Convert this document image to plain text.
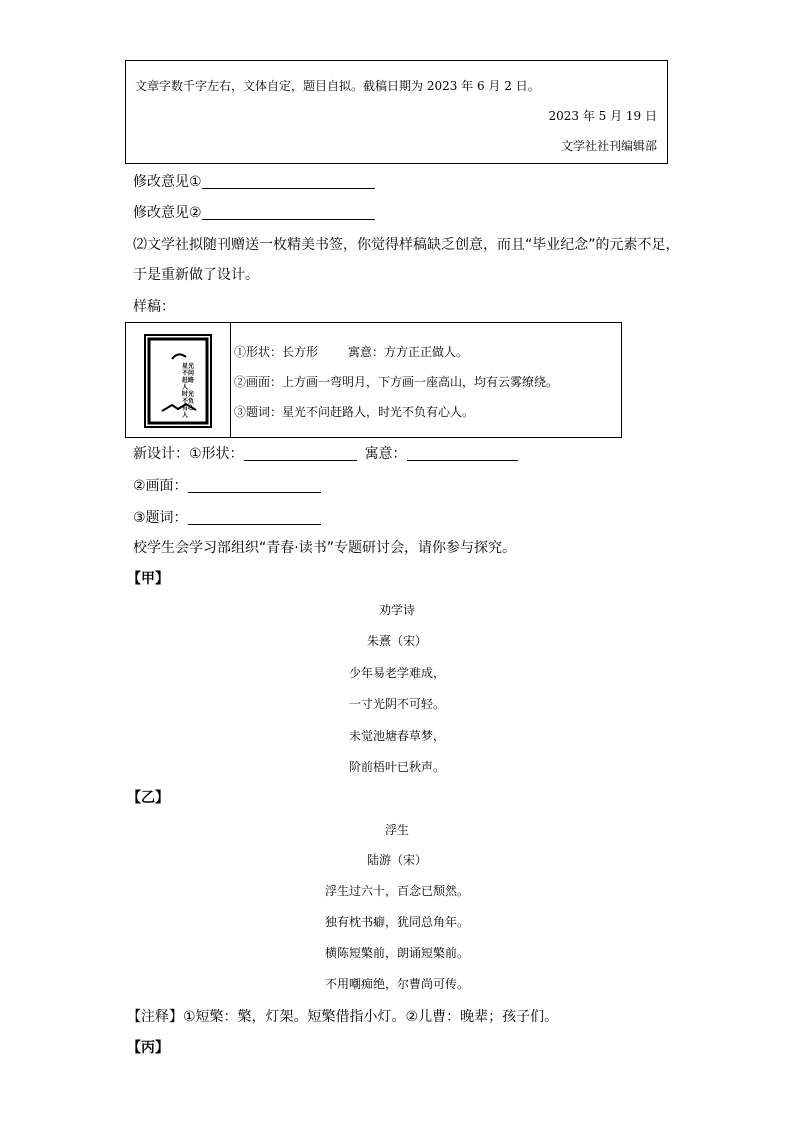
文章字数千字左右，文体自定，题目自拟。截稿日期为 2023 年 6 月 2 日。
2023 年 5 月 19 日
文学社社刊编辑部
修改意见①
修改意见②
⑵文学社拟随刊赠送一枚精美书签，你觉得样稿缺乏创意，而且“毕业纪念”的元素不足，
于是重新做了设计。
样稿：
星光不问赶路人 时光不负有心人
①形状：长方形	寓意：方方正正做人。
②画面：上方画一弯明月，下方画一座高山，均有云雾缭绕。
③题词：星光不问赶路人，时光不负有心人。
新设计：①形状：	寓意：
②画面：
③题词：
校学生会学习部组织“青春·读书”专题研讨会，请你参与探究。
【甲】
劝学诗
朱熹（宋）
少年易老学难成，
一寸光阴不可轻。
未觉池塘春草梦，
阶前梧叶已秋声。
【乙】
浮生
陆游（宋）
浮生过六十，百念已颓然。
独有枕书癖，犹同总角年。
横陈短檠前，朗诵短檠前。
不用嘲痴绝，尔曹尚可传。
【注释】①短檠：檠，灯架。短檠借指小灯。②儿曹：晚辈；孩子们。
【丙】
